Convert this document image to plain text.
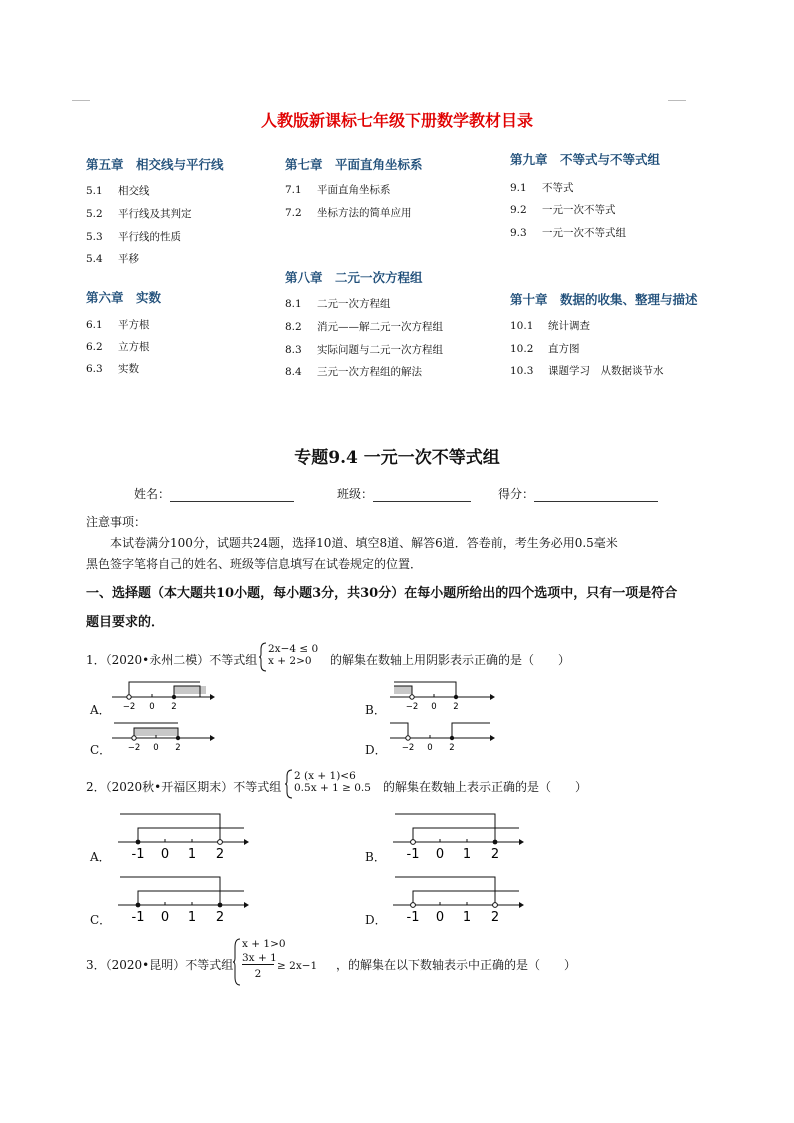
人教版新课标七年级下册数学教材目录
第五章　相交线与平行线
5.1 相交线
5.2 平行线及其判定
5.3 平行线的性质
5.4 平移
第六章　实数
6.1 平方根
6.2 立方根
6.3 实数
第七章　平面直角坐标系
7.1 平面直角坐标系
7.2 坐标方法的简单应用
第八章　二元一次方程组
8.1 二元一次方程组
8.2 消元——解二元一次方程组
8.3 实际问题与二元一次方程组
8.4 三元一次方程组的解法
第九章　不等式与不等式组
9.1 不等式
9.2 一元一次不等式
9.3 一元一次不等式组
第十章　数据的收集、整理与描述
10.1 统计调查
10.2 直方图
10.3 课题学习　从数据谈节水
专题9.4 一元一次不等式组
姓名：	班级：	得分：
注意事项：
本试卷满分100分，试题共24题，选择10道、填空8道、解答6道．答卷前，考生务必用0.5毫米
黑色签字笔将自己的姓名、班级等信息填写在试卷规定的位置．
一、选择题（本大题共10小题，每小题3分，共30分）在每小题所给出的四个选项中，只有一项是符合
题目要求的．
1．（2020•永州二模）不等式组
2x−4 ≤ 0
x + 2>0	的解集在数轴上用阴影表示正确的是（　　）
A． −2 0 2	B． −2 0 2
C． −2 0 2	D． −2 0 2
2．（2020秋•开福区期末）不等式组
2 (x + 1)<6
0.5x + 1 ≥ 0.5 的解集在数轴上表示正确的是（　　）
A． -1 0 1 2	B． -1 0 1 2
C． -1 0 1 2	D． -1 0 1 2
3．（2020•昆明）不等式组
x + 1>0
3x + 1
2
≥ 2x−1 ，的解集在以下数轴表示中正确的是（　　）
